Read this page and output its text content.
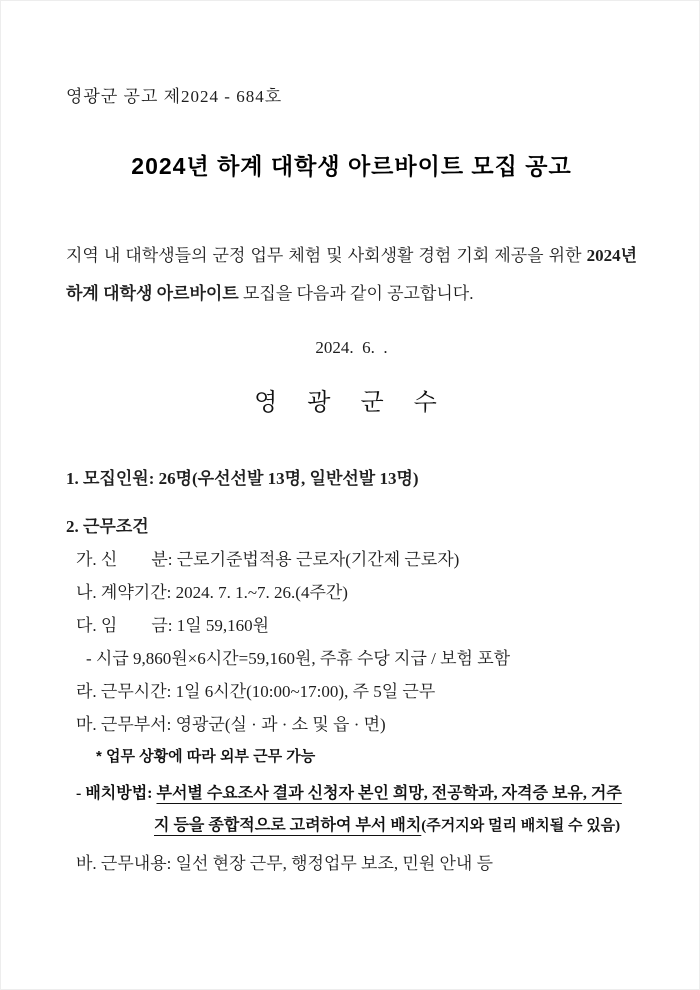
영광군 공고 제2024 - 684호
2024년 하계 대학생 아르바이트 모집 공고

지역 내 대학생들의 군정 업무 체험 및 사회생활 경험 기회 제공을 위한 2024년 하계 대학생 아르바이트 모집을 다음과 같이 공고합니다.

2024.  6.  .
영 광 군 수
1. 모집인원: 26명(우선선발 13명, 일반선발 13명)
2. 근무조건
가. 신　　분: 근로기준법적용 근로자(기간제 근로자)
나. 계약기간: 2024. 7. 1.~7. 26.(4주간)
다. 임　　금: 1일 59,160원
- 시급 9,860원×6시간=59,160원, 주휴 수당 지급 / 보험 포함
라. 근무시간: 1일 6시간(10:00~17:00), 주 5일 근무
마. 근무부서: 영광군(실 · 과 · 소 및 읍 · 면)
* 업무 상황에 따라 외부 근무 가능
- 배치방법: 부서별 수요조사 결과 신청자 본인 희망, 전공학과, 자격증 보유, 거주지 등을 종합적으로 고려하여 부서 배치(주거지와 멀리 배치될 수 있음)
바. 근무내용: 일선 현장 근무, 행정업무 보조, 민원 안내 등
